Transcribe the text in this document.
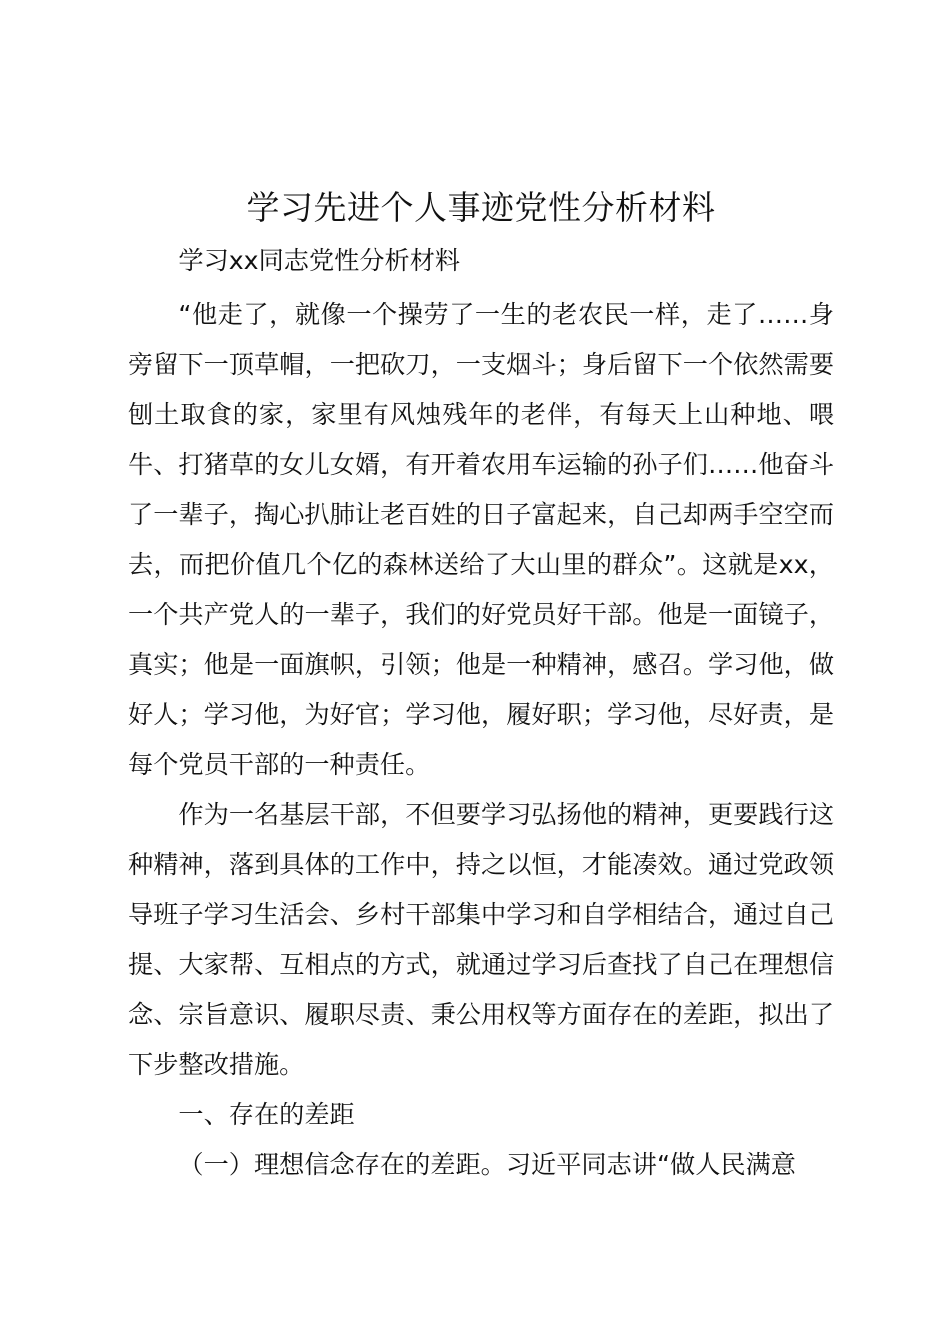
学习先进个人事迹党性分析材料

学习xx同志党性分析材料

“他走了，就像一个操劳了一生的老农民一样，走了……身旁留下一顶草帽，一把砍刀，一支烟斗；身后留下一个依然需要刨土取食的家，家里有风烛残年的老伴，有每天上山种地、喂牛、打猪草的女儿女婿，有开着农用车运输的孙子们……他奋斗了一辈子，掏心扒肺让老百姓的日子富起来，自己却两手空空而去，而把价值几个亿的森林送给了大山里的群众”。这就是xx，一个共产党人的一辈子，我们的好党员好干部。他是一面镜子，真实；他是一面旗帜，引领；他是一种精神，感召。学习他，做好人；学习他，为好官；学习他，履好职；学习他，尽好责，是每个党员干部的一种责任。

作为一名基层干部，不但要学习弘扬他的精神，更要践行这种精神，落到具体的工作中，持之以恒，才能凑效。通过党政领导班子学习生活会、乡村干部集中学习和自学相结合，通过自己提、大家帮、互相点的方式，就通过学习后查找了自己在理想信念、宗旨意识、履职尽责、秉公用权等方面存在的差距，拟出了下步整改措施。

一、存在的差距

（一）理想信念存在的差距。习近平同志讲“做人民满意
